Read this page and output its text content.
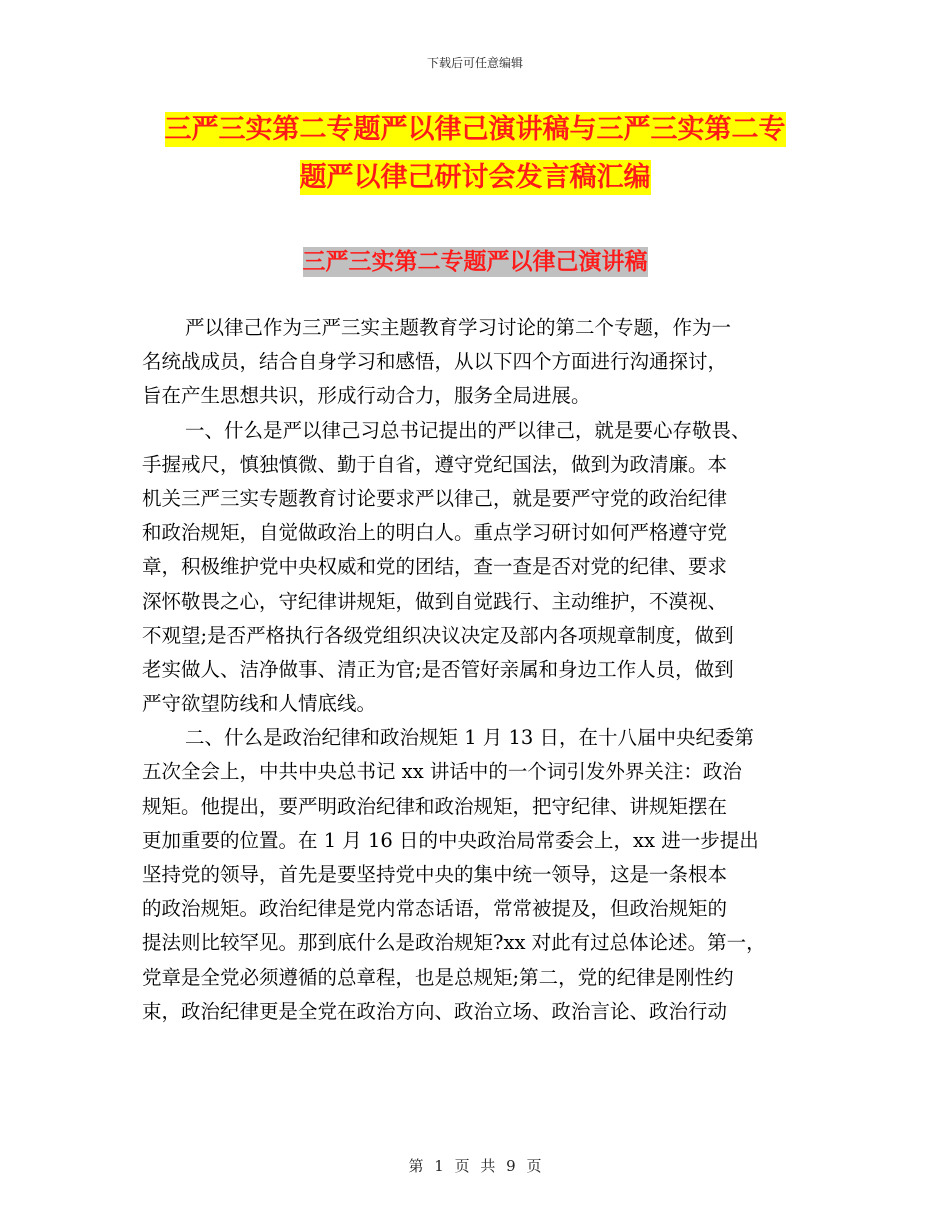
下载后可任意编辑
三严三实第二专题严以律己演讲稿与三严三实第二专
题严以律己研讨会发言稿汇编
三严三实第二专题严以律己演讲稿
严以律己作为三严三实主题教育学习讨论的第二个专题，作为一
名统战成员，结合自身学习和感悟，从以下四个方面进行沟通探讨，
旨在产生思想共识，形成行动合力，服务全局进展。
一、什么是严以律己习总书记提出的严以律己，就是要心存敬畏、
手握戒尺，慎独慎微、勤于自省，遵守党纪国法，做到为政清廉。本
机关三严三实专题教育讨论要求严以律己，就是要严守党的政治纪律
和政治规矩，自觉做政治上的明白人。重点学习研讨如何严格遵守党
章，积极维护党中央权威和党的团结，查一查是否对党的纪律、要求
深怀敬畏之心，守纪律讲规矩，做到自觉践行、主动维护，不漠视、
不观望;是否严格执行各级党组织决议决定及部内各项规章制度，做到
老实做人、洁净做事、清正为官;是否管好亲属和身边工作人员，做到
严守欲望防线和人情底线。
二、什么是政治纪律和政治规矩 1 月 13 日，在十八届中央纪委第
五次全会上，中共中央总书记 xx 讲话中的一个词引发外界关注：政治
规矩。他提出，要严明政治纪律和政治规矩，把守纪律、讲规矩摆在
更加重要的位置。在 1 月 16 日的中央政治局常委会上，xx 进一步提出
坚持党的领导，首先是要坚持党中央的集中统一领导，这是一条根本
的政治规矩。政治纪律是党内常态话语，常常被提及，但政治规矩的
提法则比较罕见。那到底什么是政治规矩?xx 对此有过总体论述。第一，
党章是全党必须遵循的总章程，也是总规矩;第二，党的纪律是刚性约
束，政治纪律更是全党在政治方向、政治立场、政治言论、政治行动
第 1 页 共 9 页
